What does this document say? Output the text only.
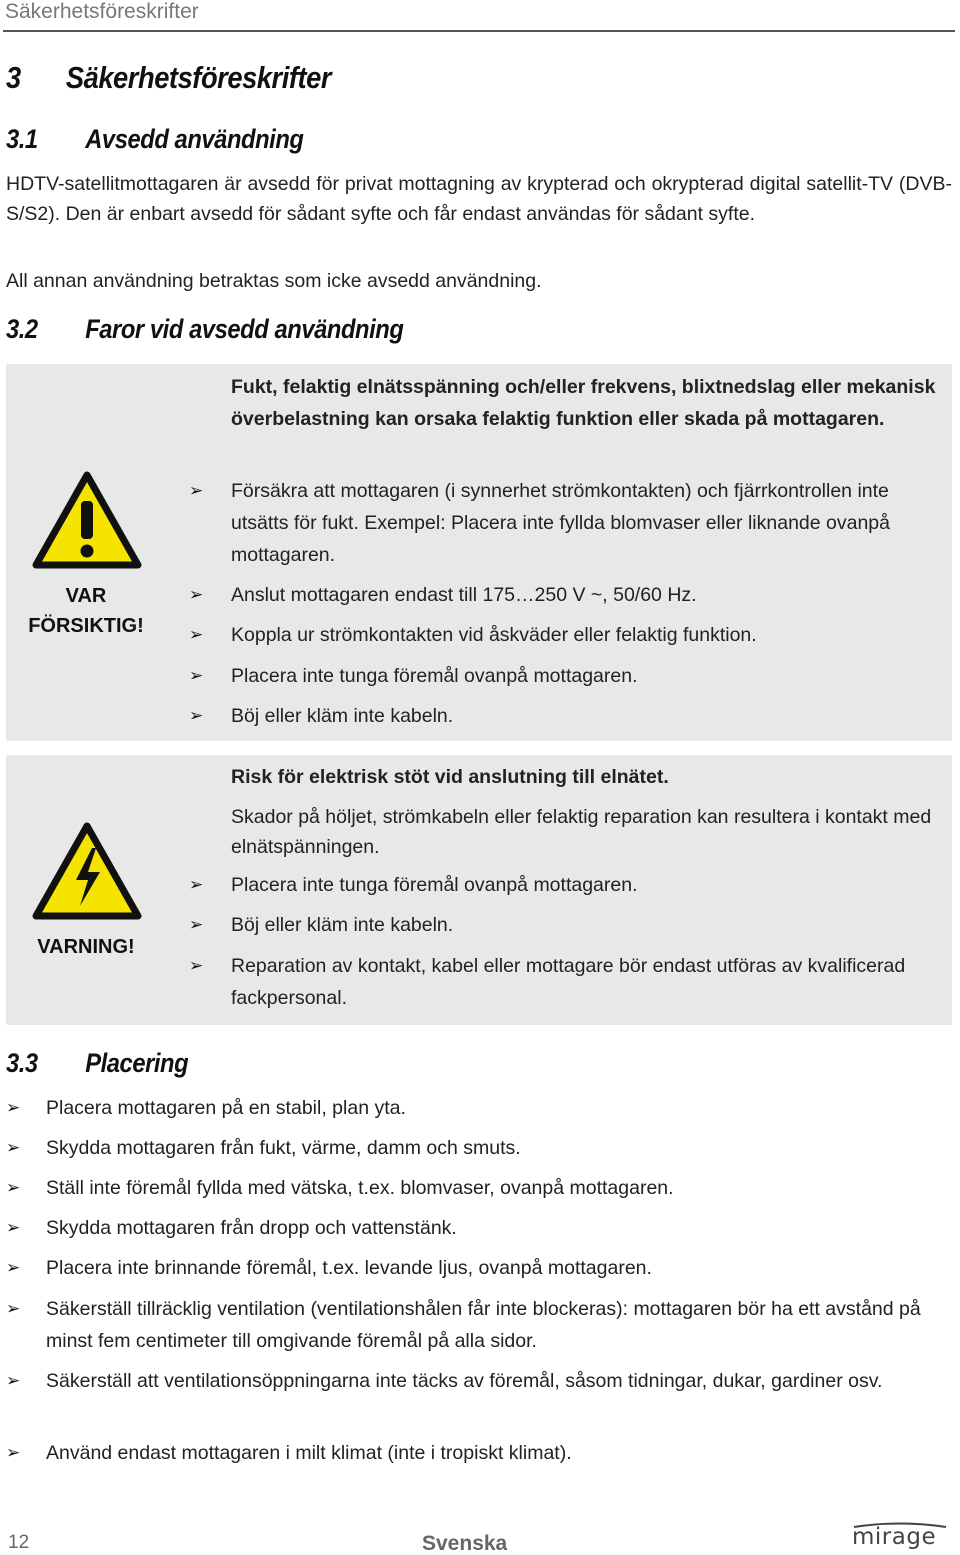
Säkerhetsföreskrifter
3 Säkerhetsföreskrifter
3.1 Avsedd användning
HDTV-satellitmottagaren är avsedd för privat mottagning av krypterad och okrypterad digital satellit-TV (DVB-S/S2). Den är enbart avsedd för sådant syfte och får endast användas för sådant syfte.
All annan användning betraktas som icke avsedd användning.
3.2 Faror vid avsedd användning
VAR
FÖRSIKTIG!
Fukt, felaktig elnätsspänning och/eller frekvens, blixtnedslag eller mekanisk överbelastning kan orsaka felaktig funktion eller skada på mottagaren.
➢ Försäkra att mottagaren (i synnerhet strömkontakten) och fjärrkontrollen inte utsätts för fukt. Exempel: Placera inte fyllda blomvaser eller liknande ovanpå mottagaren.
➢ Anslut mottagaren endast till 175…250 V ~, 50/60 Hz.
➢ Koppla ur strömkontakten vid åskväder eller felaktig funktion.
➢ Placera inte tunga föremål ovanpå mottagaren.
➢ Böj eller kläm inte kabeln.
VARNING!
Risk för elektrisk stöt vid anslutning till elnätet.
Skador på höljet, strömkabeln eller felaktig reparation kan resultera i kontakt med elnätspänningen.
➢ Placera inte tunga föremål ovanpå mottagaren.
➢ Böj eller kläm inte kabeln.
➢ Reparation av kontakt, kabel eller mottagare bör endast utföras av kvalificerad fackpersonal.
3.3 Placering
➢ Placera mottagaren på en stabil, plan yta.
➢ Skydda mottagaren från fukt, värme, damm och smuts.
➢ Ställ inte föremål fyllda med vätska, t.ex. blomvaser, ovanpå mottagaren.
➢ Skydda mottagaren från dropp och vattenstänk.
➢ Placera inte brinnande föremål, t.ex. levande ljus, ovanpå mottagaren.
➢ Säkerställ tillräcklig ventilation (ventilationshålen får inte blockeras): mottagaren bör ha ett avstånd på minst fem centimeter till omgivande föremål på alla sidor.
➢ Säkerställ att ventilationsöppningarna inte täcks av föremål, såsom tidningar, dukar, gardiner osv.
➢ Använd endast mottagaren i milt klimat (inte i tropiskt klimat).
12	Svenska	mirage
